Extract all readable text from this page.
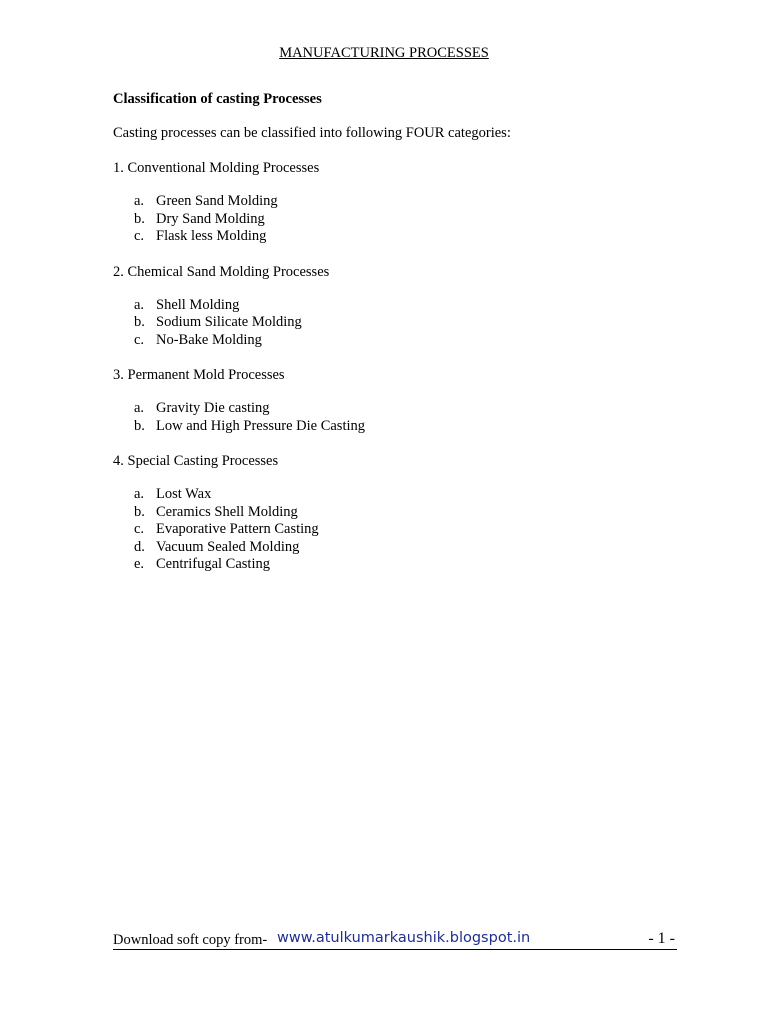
MANUFACTURING PROCESSES
Classification of casting Processes
Casting processes can be classified into following FOUR categories:
1. Conventional Molding Processes
a. Green Sand Molding
b. Dry Sand Molding
c. Flask less Molding
2. Chemical Sand Molding Processes
a. Shell Molding
b. Sodium Silicate Molding
c. No-Bake Molding
3. Permanent Mold Processes
a. Gravity Die casting
b. Low and High Pressure Die Casting
4. Special Casting Processes
a. Lost Wax
b. Ceramics Shell Molding
c. Evaporative Pattern Casting
d. Vacuum Sealed Molding
e. Centrifugal Casting
Download soft copy from- www.atulkumarkaushik.blogspot.in	- 1 -
